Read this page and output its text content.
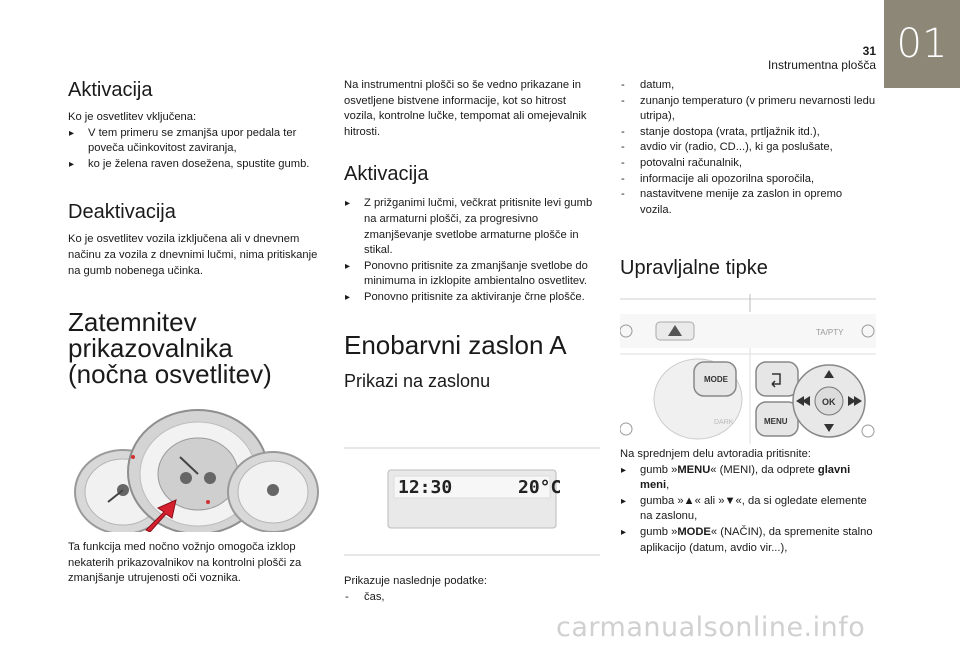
01
31
Instrumentna plošča
Aktivacija

Ko je osvetlitev vključena:

▸ V tem primeru se zmanjša upor pedala ter poveča učinkovitost zaviranja,
▸ ko je želena raven dosežena, spustite gumb.
Deaktivacija

Ko je osvetlitev vozila izključena ali v dnevnem načinu za vozila z dnevnimi lučmi, nima pritiskanje na gumb nobenega učinka.

Zatemnitev prikazovalnika
(nočna osvetlitev)

Ta funkcija med nočno vožnjo omogoča izklop nekaterih prikazovalnikov na kontrolni plošči za zmanjšanje utrujenosti oči voznika.

Na instrumentni plošči so še vedno prikazane in osvetljene bistvene informacije, kot so hitrost vozila, kontrolne lučke, tempomat ali omejevalnik hitrosti.

Aktivacija
▸ Z prižganimi lučmi, večkrat pritisnite levi gumb na armaturni plošči, za progresivno zmanjševanje svetlobe armaturne plošče in stikal.
▸ Ponovno pritisnite za zmanjšanje svetlobe do minimuma in izklopite ambientalno osvetlitev.
▸ Ponovno pritisnite za aktiviranje črne plošče.
Enobarvni zaslon A
Prikazi na zaslonu
12:30	20°C

Prikazuje naslednje podatke:

- čas,
- datum,
- zunanjo temperaturo (v primeru nevarnosti ledu utripa),
- stanje dostopa (vrata, prtljažnik itd.),
- avdio vir (radio, CD...), ki ga poslušate,
- potovalni računalnik,
- informacije ali opozorilna sporočila,
- nastavitvene menije za zaslon in opremo vozila.
Upravljalne tipke
TA/PTY
MODE
MENU
DARK
OK

Na sprednjem delu avtoradia pritisnite:

▸ gumb »MENU« (MENI), da odprete glavni meni,
▸ gumba »▲« ali »▼«, da si ogledate elemente na zaslonu,
▸ gumb »MODE« (NAČIN), da spremenite stalno aplikacijo (datum, avdio vir...),
carmanualsonline.info
